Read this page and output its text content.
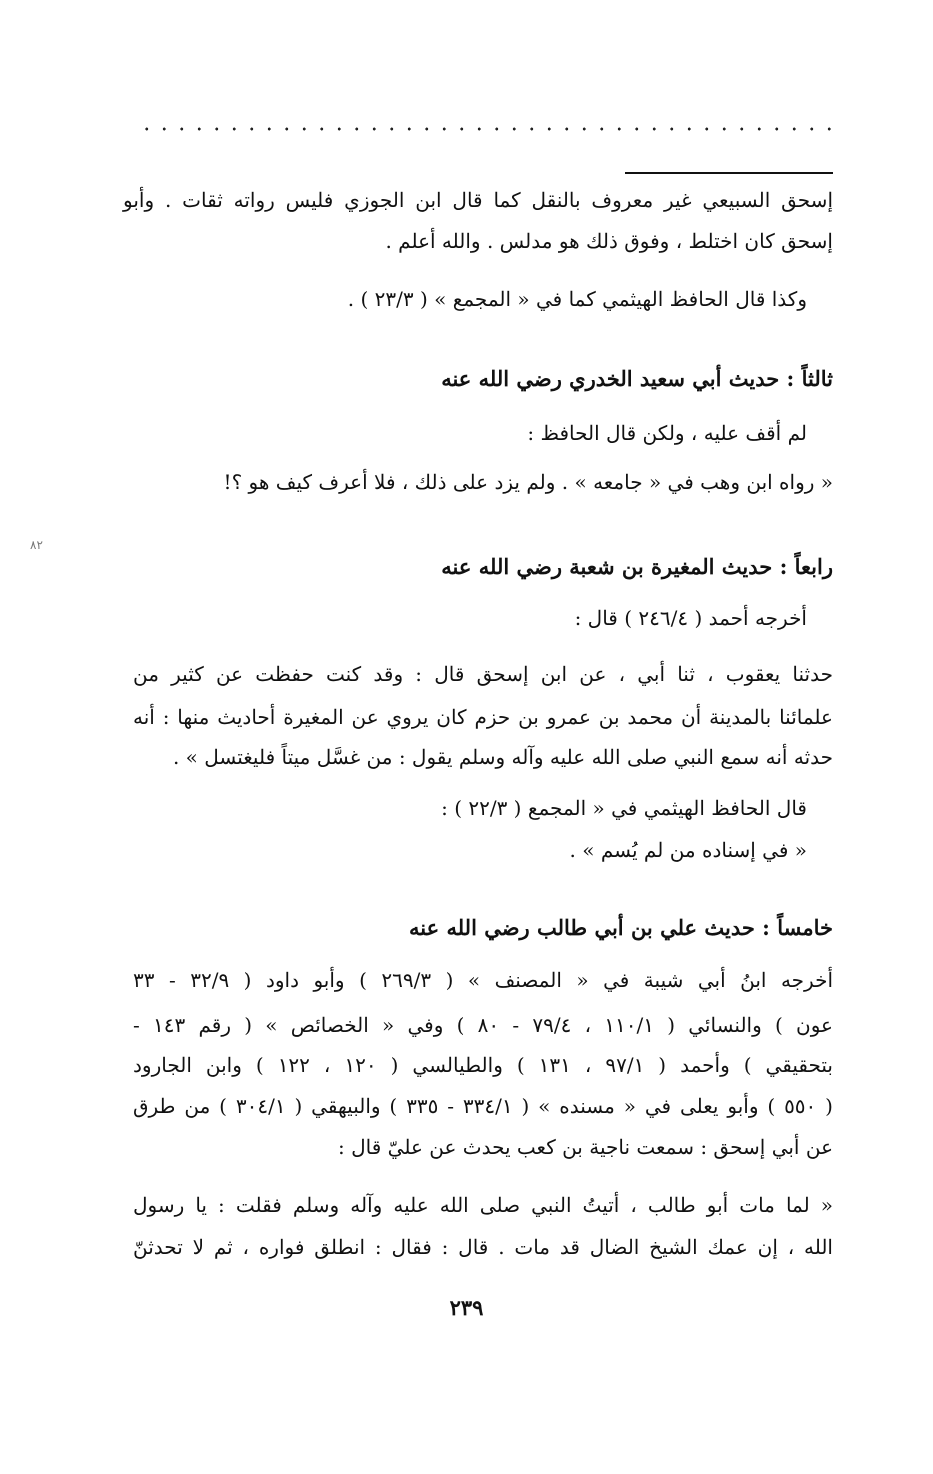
إسحق السبيعي غير معروف بالنقل كما قال ابن الجوزي فليس رواته ثقات . وأبو

إسحق كان اختلط ، وفوق ذلك هو مدلس . والله أعلم .

وكذا قال الحافظ الهيثمي كما في « المجمع » ( ٢٣/٣ ) .

ثالثاً : حديث أبي سعيد الخدري رضي الله عنه

لم أقف عليه ، ولكن قال الحافظ :

« رواه ابن وهب في « جامعه » . ولم يزد على ذلك ، فلا أعرف كيف هو ؟!

٨٢

رابعاً : حديث المغيرة بن شعبة رضي الله عنه

أخرجه أحمد ( ٢٤٦/٤ ) قال :

حدثنا يعقوب ، ثنا أبي ، عن ابن إسحق قال : وقد كنت حفظت عن كثير من

علمائنا بالمدينة أن محمد بن عمرو بن حزم كان يروي عن المغيرة أحاديث منها : أنه

حدثه أنه سمع النبي صلى الله عليه وآله وسلم يقول : من غسَّل ميتاً فليغتسل » .

قال الحافظ الهيثمي في « المجمع ( ٢٢/٣ ) :

« في إسناده من لم يُسم » .

خامساً : حديث علي بن أبي طالب رضي الله عنه

أخرجه ابنُ أبي شيبة في « المصنف » ( ٢٦٩/٣ ) وأبو داود ( ٣٢/٩ - ٣٣

عون ) والنسائي ( ١١٠/١ ، ٧٩/٤ - ٨٠ ) وفي « الخصائص » ( رقم ١٤٣ -

بتحقيقي ) وأحمد ( ٩٧/١ ، ١٣١ ) والطيالسي ( ١٢٠ ، ١٢٢ ) وابن الجارود

( ٥٥٠ ) وأبو يعلى في « مسنده » ( ٣٣٤/١ - ٣٣٥ ) والبيهقي ( ٣٠٤/١ ) من طرق

عن أبي إسحق : سمعت ناجية بن كعب يحدث عن عليّ قال :

« لما مات أبو طالب ، أتيتُ النبي صلى الله عليه وآله وسلم فقلت : يا رسول

الله ، إن عمك الشيخ الضال قد مات . قال : فقال : انطلق فواره ، ثم لا تحدثنّ

٢٣٩
